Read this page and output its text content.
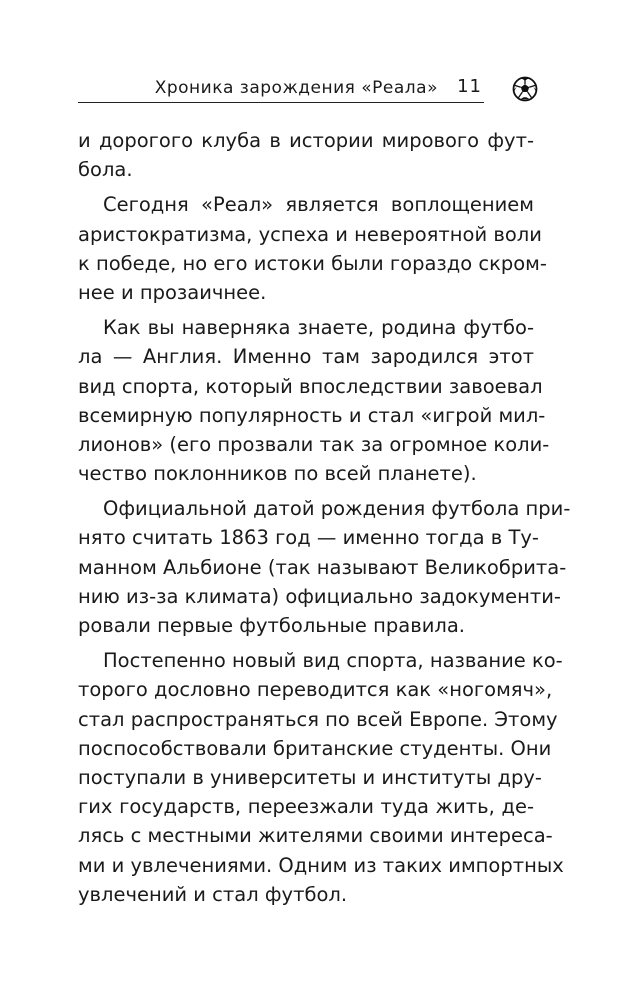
Хроника зарождения «Реала» 11

и дорогого клуба в истории мирового фут-
бола.

Сегодня «Реал» является воплощением
аристократизма, успеха и невероятной воли
к победе, но его истоки были гораздо скром-
нее и прозаичнее.

Как вы наверняка знаете, родина футбо-
ла — Англия. Именно там зародился этот
вид спорта, который впоследствии завоевал
всемирную популярность и стал «игрой мил-
лионов» (его прозвали так за огромное коли-
чество поклонников по всей планете).

Официальной датой рождения футбола при-
нято считать 1863 год — именно тогда в Ту-
манном Альбионе (так называют Великобрита-
нию из-за климата) официально задокументи-
ровали первые футбольные правила.

Постепенно новый вид спорта, название ко-
торого дословно переводится как «ногомяч»,
стал распространяться по всей Европе. Этому
поспособствовали британские студенты. Они
поступали в университеты и институты дру-
гих государств, переезжали туда жить, де-
лясь с местными жителями своими интереса-
ми и увлечениями. Одним из таких импортных
увлечений и стал футбол.
